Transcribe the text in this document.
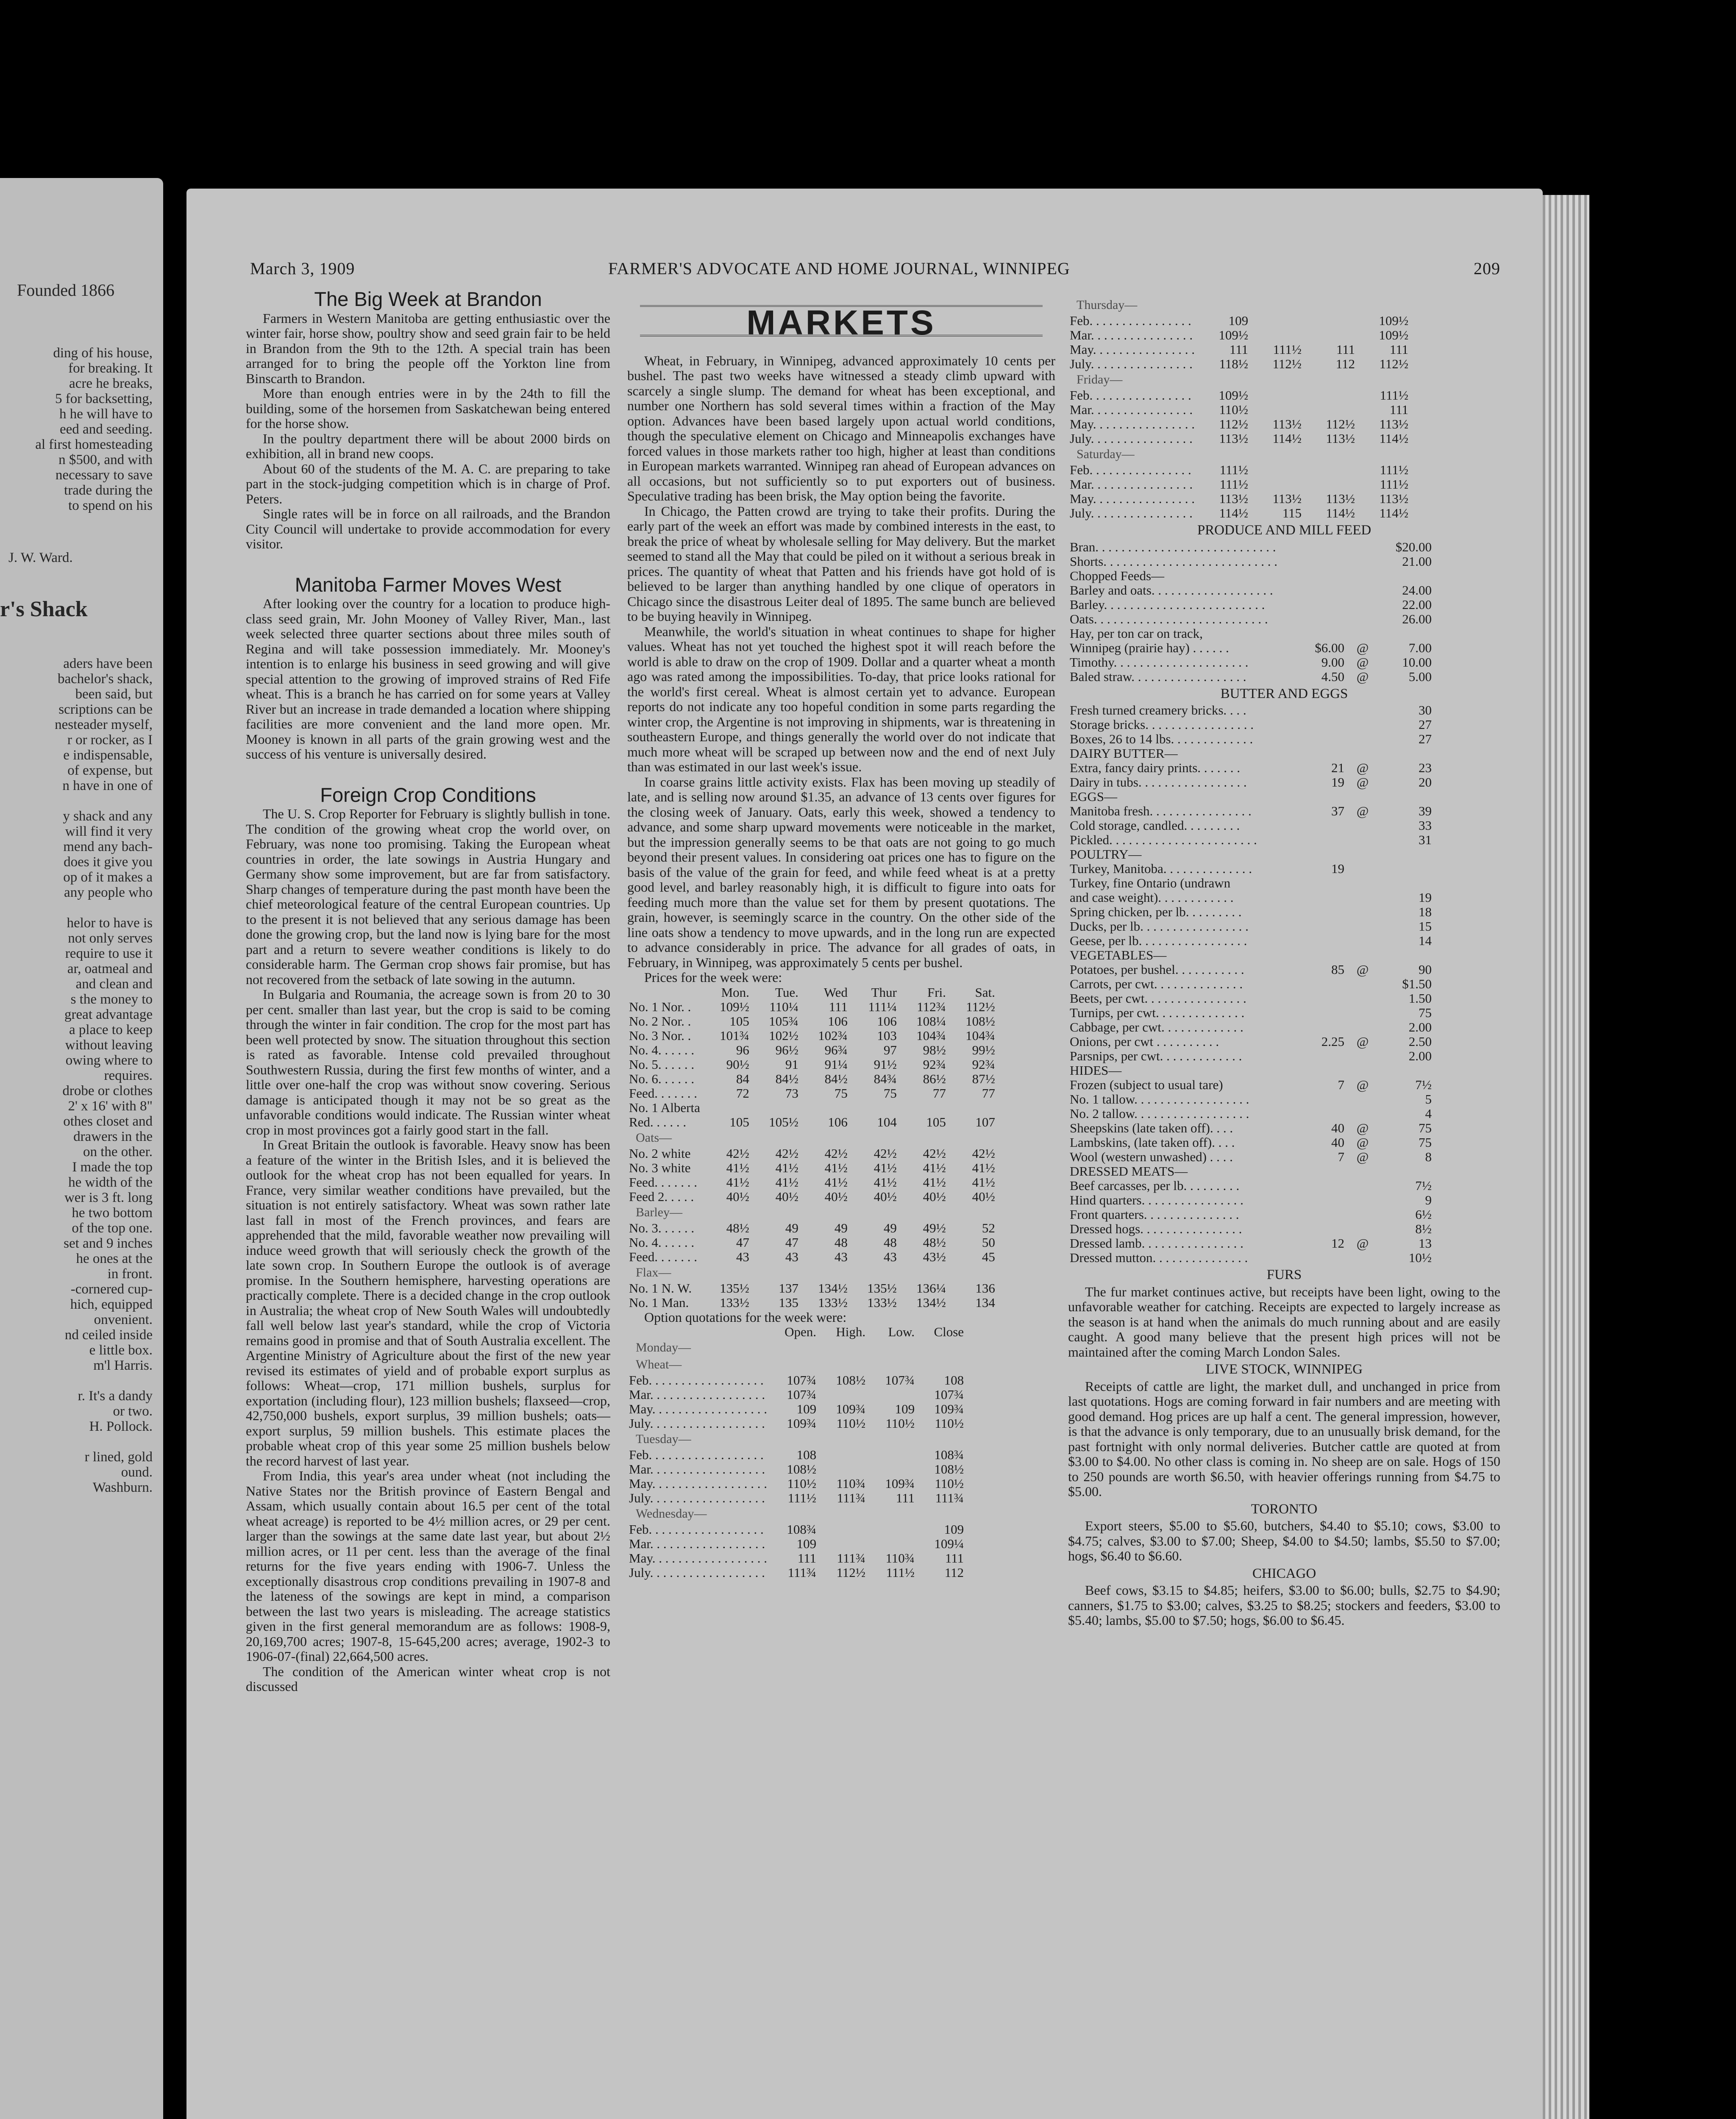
Founded 1866

ding of his house,
for breaking. It
acre he breaks,
5 for backsetting,
h he will have to
eed and seeding.
al first homesteading
n $500, and with
necessary to save
trade during the
to spend on his

J. W. Ward.

r's Shack

aders have been
bachelor's shack,
been said, but
scriptions can be
nesteader myself,
r or rocker, as I
e indispensable,
of expense, but
n have in one of
y shack and any
will find it very
mend any bach-
does it give you
op of it makes a
any people who
helor to have is
not only serves
require to use it
ar, oatmeal and
and clean and
s the money to
great advantage
a place to keep
without leaving
owing where to
requires.
drobe or clothes
2' x 16' with 8"
othes closet and
drawers in the
on the other.
I made the top
he width of the
wer is 3 ft. long
he two bottom
of the top one.
set and 9 inches
he ones at the
in front.
-cornered cup-
hich, equipped
onvenient.
nd ceiled inside
e little box.
m'l Harris.
r. It's a dandy
or two.
H. Pollock.
r lined, gold
ound.
Washburn.

March 3, 1909	FARMER'S ADVOCATE AND HOME JOURNAL, WINNIPEG	209
The Big Week at Brandon

Farmers in Western Manitoba are getting enthusiastic over the winter fair, horse show, poultry show and seed grain fair to be held in Brandon from the 9th to the 12th. A special train has been arranged for to bring the people off the Yorkton line from Binscarth to Brandon.

More than enough entries were in by the 24th to fill the building, some of the horsemen from Saskatchewan being entered for the horse show.

In the poultry department there will be about 2000 birds on exhibition, all in brand new coops.

About 60 of the students of the M. A. C. are preparing to take part in the stock-judging competition which is in charge of Prof. Peters.

Single rates will be in force on all railroads, and the Brandon City Council will undertake to provide accommodation for every visitor.

Manitoba Farmer Moves West

After looking over the country for a location to produce high-class seed grain, Mr. John Mooney of Valley River, Man., last week selected three quarter sections about three miles south of Regina and will take possession immediately. Mr. Mooney's intention is to enlarge his business in seed growing and will give special attention to the growing of improved strains of Red Fife wheat. This is a branch he has carried on for some years at Valley River but an increase in trade demanded a location where shipping facilities are more convenient and the land more open. Mr. Mooney is known in all parts of the grain growing west and the success of his venture is universally desired.

Foreign Crop Conditions

The U. S. Crop Reporter for February is slightly bullish in tone. The condition of the growing wheat crop the world over, on February, was none too promising. Taking the European wheat countries in order, the late sowings in Austria Hungary and Germany show some improvement, but are far from satisfactory. Sharp changes of temperature during the past month have been the chief meteorological feature of the central European countries. Up to the present it is not believed that any serious damage has been done the growing crop, but the land now is lying bare for the most part and a return to severe weather conditions is likely to do considerable harm. The German crop shows fair promise, but has not recovered from the setback of late sowing in the autumn.

In Bulgaria and Roumania, the acreage sown is from 20 to 30 per cent. smaller than last year, but the crop is said to be coming through the winter in fair condition. The crop for the most part has been well protected by snow. The situation throughout this section is rated as favorable. Intense cold prevailed throughout Southwestern Russia, during the first few months of winter, and a little over one-half the crop was without snow covering. Serious damage is anticipated though it may not be so great as the unfavorable conditions would indicate. The Russian winter wheat crop in most provinces got a fairly good start in the fall.

In Great Britain the outlook is favorable. Heavy snow has been a feature of the winter in the British Isles, and it is believed the outlook for the wheat crop has not been equalled for years. In France, very similar weather conditions have prevailed, but the situation is not entirely satisfactory. Wheat was sown rather late last fall in most of the French provinces, and fears are apprehended that the mild, favorable weather now prevailing will induce weed growth that will seriously check the growth of the late sown crop. In Southern Europe the outlook is of average promise. In the Southern hemisphere, harvesting operations are practically complete. There is a decided change in the crop outlook in Australia; the wheat crop of New South Wales will undoubtedly fall well below last year's standard, while the crop of Victoria remains good in promise and that of South Australia excellent. The Argentine Ministry of Agriculture about the first of the new year revised its estimates of yield and of probable export surplus as follows: Wheat—crop, 171 million bushels, surplus for exportation (including flour), 123 million bushels; flaxseed—crop, 42,750,000 bushels, export surplus, 39 million bushels; oats—export surplus, 59 million bushels. This estimate places the probable wheat crop of this year some 25 million bushels below the record harvest of last year.

From India, this year's area under wheat (not including the Native States nor the British province of Eastern Bengal and Assam, which usually contain about 16.5 per cent of the total wheat acreage) is reported to be 4½ million acres, or 29 per cent. larger than the sowings at the same date last year, but about 2½ million acres, or 11 per cent. less than the average of the final returns for the five years ending with 1906-7. Unless the exceptionally disastrous crop conditions prevailing in 1907-8 and the lateness of the sowings are kept in mind, a comparison between the last two years is misleading. The acreage statistics given in the first general memorandum are as follows: 1908-9, 20,169,700 acres; 1907-8, 15-645,200 acres; average, 1902-3 to 1906-07-(final) 22,664,500 acres.

The condition of the American winter wheat crop is not discussed

MARKETS

Wheat, in February, in Winnipeg, advanced approximately 10 cents per bushel. The past two weeks have witnessed a steady climb upward with scarcely a single slump. The demand for wheat has been exceptional, and number one Northern has sold several times within a fraction of the May option. Advances have been based largely upon actual world conditions, though the speculative element on Chicago and Minneapolis exchanges have forced values in those markets rather too high, higher at least than conditions in European markets warranted. Winnipeg ran ahead of European advances on all occasions, but not sufficiently so to put exporters out of business. Speculative trading has been brisk, the May option being the favorite.

In Chicago, the Patten crowd are trying to take their profits. During the early part of the week an effort was made by combined interests in the east, to break the price of wheat by wholesale selling for May delivery. But the market seemed to stand all the May that could be piled on it without a serious break in prices. The quantity of wheat that Patten and his friends have got hold of is believed to be larger than anything handled by one clique of operators in Chicago since the disastrous Leiter deal of 1895. The same bunch are believed to be buying heavily in Winnipeg.

Meanwhile, the world's situation in wheat continues to shape for higher values. Wheat has not yet touched the highest spot it will reach before the world is able to draw on the crop of 1909. Dollar and a quarter wheat a month ago was rated among the impossibilities. To-day, that price looks rational for the world's first cereal. Wheat is almost certain yet to advance. European reports do not indicate any too hopeful condition in some parts regarding the winter crop, the Argentine is not improving in shipments, war is threatening in southeastern Europe, and things generally the world over do not indicate that much more wheat will be scraped up between now and the end of next July than was estimated in our last week's issue.

In coarse grains little activity exists. Flax has been moving up steadily of late, and is selling now around $1.35, an advance of 13 cents over figures for the closing week of January. Oats, early this week, showed a tendency to advance, and some sharp upward movements were noticeable in the market, but the impression generally seems to be that oats are not going to go much beyond their present values. In considering oat prices one has to figure on the basis of the value of the grain for feed, and while feed wheat is at a pretty good level, and barley reasonably high, it is difficult to figure into oats for feeding much more than the value set for them by present quotations. The grain, however, is seemingly scarce in the country. On the other side of the line oats show a tendency to move upwards, and in the long run are expected to advance considerably in price. The advance for all grades of oats, in February, in Winnipeg, was approximately 5 cents per bushel.

Prices for the week were:
	Mon.	Tue.	Wed	Thur	Fri.	Sat.
No. 1 Nor. .	109½	110¼	111	111¼	112¾	112½
No. 2 Nor. .	105	105¾	106	106	108¼	108½
No. 3 Nor. .	101¾	102½	102¾	103	104¾	104¾
No. 4. . . . . .	96	96½	96¾	97	98½	99½
No. 5. . . . . .	90½	91	91¼	91½	92¾	92¾
No. 6. . . . . .	84	84½	84½	84¾	86½	87½
Feed. . . . . . .	72	73	75	75	77	77
No. 1 Alberta						
Red. . . . . .	105	105½	106	104	105	107
Oats—						
No. 2 white	42½	42½	42½	42½	42½	42½
No. 3 white	41½	41½	41½	41½	41½	41½
Feed. . . . . . .	41½	41½	41½	41½	41½	41½
Feed 2. . . . .	40½	40½	40½	40½	40½	40½
Barley—						
No. 3. . . . . .	48½	49	49	49	49½	52
No. 4. . . . . .	47	47	48	48	48½	50
Feed. . . . . . .	43	43	43	43	43½	45
Flax—						
No. 1 N. W.	135½	137	134½	135½	136¼	136
No. 1 Man.	133½	135	133½	133½	134½	134
Option quotations for the week were:
	Open.	High.	Low.	Close
Monday—				
Wheat—				
Feb. . . . . . . . . . . . . . . . . .	107¾	108½	107¾	108
Mar. . . . . . . . . . . . . . . . . .	107¾			107¾
May. . . . . . . . . . . . . . . . . .	109	109¾	109	109¾
July. . . . . . . . . . . . . . . . . .	109¾	110½	110½	110½
Tuesday—				
Feb. . . . . . . . . . . . . . . . . .	108			108¾
Mar. . . . . . . . . . . . . . . . . .	108½			108½
May. . . . . . . . . . . . . . . . . .	110½	110¾	109¾	110½
July. . . . . . . . . . . . . . . . . .	111½	111¾	111	111¾
Wednesday—				
Feb. . . . . . . . . . . . . . . . . .	108¾			109
Mar. . . . . . . . . . . . . . . . . .	109			109¼
May. . . . . . . . . . . . . . . . . .	111	111¾	110¾	111
July. . . . . . . . . . . . . . . . . .	111¾	112½	111½	112
Thursday—				
Feb. . . . . . . . . . . . . . . .	109			109½
Mar. . . . . . . . . . . . . . . .	109½			109½
May. . . . . . . . . . . . . . . .	111	111½	111	111
July. . . . . . . . . . . . . . . .	118½	112½	112	112½
Friday—				
Feb. . . . . . . . . . . . . . . .	109½			111½
Mar. . . . . . . . . . . . . . . .	110½			111
May. . . . . . . . . . . . . . . .	112½	113½	112½	113½
July. . . . . . . . . . . . . . . .	113½	114½	113½	114½
Saturday—				
Feb. . . . . . . . . . . . . . . .	111½			111½
Mar. . . . . . . . . . . . . . . .	111½			111½
May. . . . . . . . . . . . . . . .	113½	113½	113½	113½
July. . . . . . . . . . . . . . . .	114½	115	114½	114½
PRODUCE AND MILL FEED
Bran. . . . . . . . . . . . . . . . . . . . . . . . . . . .			$20.00
Shorts. . . . . . . . . . . . . . . . . . . . . . . . . . .			21.00
Chopped Feeds—			
Barley and oats. . . . . . . . . . . . . . . . . . .			24.00
Barley. . . . . . . . . . . . . . . . . . . . . . . . .			22.00
Oats. . . . . . . . . . . . . . . . . . . . . . . . . . .			26.00
Hay, per ton car on track,			
Winnipeg (prairie hay) . . . . . .	$6.00	@	7.00
Timothy. . . . . . . . . . . . . . . . . . . . .	9.00	@	10.00
Baled straw. . . . . . . . . . . . . . . . . .	4.50	@	5.00
BUTTER AND EGGS
Fresh turned creamery bricks. . . .			30
Storage bricks. . . . . . . . . . . . . . . . .			27
Boxes, 26 to 14 lbs. . . . . . . . . . . . .			27
DAIRY BUTTER—			
Extra, fancy dairy prints. . . . . . .	21	@	23
Dairy in tubs. . . . . . . . . . . . . . . . .	19	@	20
EGGS—			
Manitoba fresh. . . . . . . . . . . . . . . .	37	@	39
Cold storage, candled. . . . . . . . .			33
Pickled. . . . . . . . . . . . . . . . . . . . . . .			31
POULTRY—			
Turkey, Manitoba. . . . . . . . . . . . . .	19		
Turkey, fine Ontario (undrawn			
and case weight). . . . . . . . . . . .			19
Spring chicken, per lb. . . . . . . . .			18
Ducks, per lb. . . . . . . . . . . . . . . . .			15
Geese, per lb. . . . . . . . . . . . . . . . .			14
VEGETABLES—			
Potatoes, per bushel. . . . . . . . . . .	85	@	90
Carrots, per cwt. . . . . . . . . . . . . .			$1.50
Beets, per cwt. . . . . . . . . . . . . . . .			1.50
Turnips, per cwt. . . . . . . . . . . . . .			75
Cabbage, per cwt. . . . . . . . . . . . .			2.00
Onions, per cwt . . . . . . . . . .	2.25	@	2.50
Parsnips, per cwt. . . . . . . . . . . . .			2.00
HIDES—			
Frozen (subject to usual tare)	7	@	7½
No. 1 tallow. . . . . . . . . . . . . . . . . .			5
No. 2 tallow. . . . . . . . . . . . . . . . . .			4
Sheepskins (late taken off). . . .	40	@	75
Lambskins, (late taken off). . . .	40	@	75
Wool (western unwashed) . . . .	7	@	8
DRESSED MEATS—			
Beef carcasses, per lb. . . . . . . . .			7½
Hind quarters. . . . . . . . . . . . . . . .			9
Front quarters. . . . . . . . . . . . . . .			6½
Dressed hogs. . . . . . . . . . . . . . . .			8½
Dressed lamb. . . . . . . . . . . . . . . .	12	@	13
Dressed mutton. . . . . . . . . . . . . . .			10½
FURS

The fur market continues active, but receipts have been light, owing to the unfavorable weather for catching. Receipts are expected to largely increase as the season is at hand when the animals do much running about and are easily caught. A good many believe that the present high prices will not be maintained after the coming March London Sales.

LIVE STOCK, WINNIPEG

Receipts of cattle are light, the market dull, and unchanged in price from last quotations. Hogs are coming forward in fair numbers and are meeting with good demand. Hog prices are up half a cent. The general impression, however, is that the advance is only temporary, due to an unusually brisk demand, for the past fortnight with only normal deliveries. Butcher cattle are quoted at from $3.00 to $4.00. No other class is coming in. No sheep are on sale. Hogs of 150 to 250 pounds are worth $6.50, with heavier offerings running from $4.75 to $5.00.

TORONTO

Export steers, $5.00 to $5.60, butchers, $4.40 to $5.10; cows, $3.00 to $4.75; calves, $3.00 to $7.00; Sheep, $4.00 to $4.50; lambs, $5.50 to $7.00; hogs, $6.40 to $6.60.

CHICAGO

Beef cows, $3.15 to $4.85; heifers, $3.00 to $6.00; bulls, $2.75 to $4.90; canners, $1.75 to $3.00; calves, $3.25 to $8.25; stockers and feeders, $3.00 to $5.40; lambs, $5.00 to $7.50; hogs, $6.00 to $6.45.
